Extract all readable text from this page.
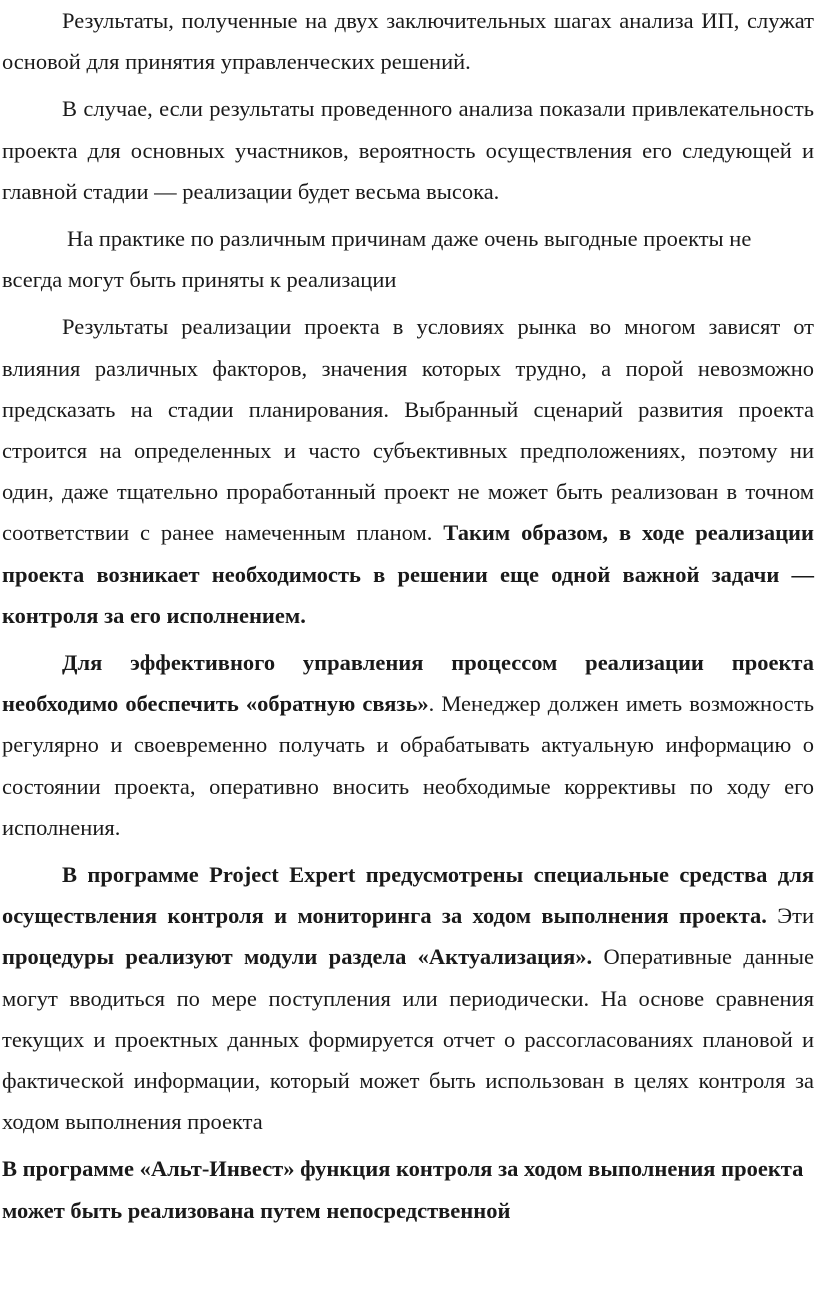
Результаты, полученные на двух заключительных шагах анализа ИП, служат основой для принятия управленческих решений.

В случае, если результаты проведенного анализа показали привлекательность проекта для основных участников, вероятность осуществления его следующей и главной стадии — реализации будет весьма высока.

На практике по различным причинам даже очень выгодные проекты не всегда могут быть приняты к реализации

Результаты реализации проекта в условиях рынка во многом зависят от влияния различных факторов, значения которых трудно, а порой невозможно предсказать на стадии планирования. Выбранный сценарий развития проекта строится на определенных и часто субъективных предположениях, поэтому ни один, даже тщательно проработанный проект не может быть реализован в точном соответствии с ранее намеченным планом. Таким образом, в ходе реализации проекта возникает необходимость в решении еще одной важной задачи — контроля за его исполнением.

Для эффективного управления процессом реализации проекта необходимо обеспечить «обратную связь». Менеджер должен иметь возможность регулярно и своевременно получать и обрабатывать актуальную информацию о состоянии проекта, оперативно вносить необходимые коррективы по ходу его исполнения.

В программе Project Expert предусмотрены специальные средства для осуществления контроля и мониторинга за ходом выполнения проекта. Эти процедуры реализуют модули раздела «Актуализация». Оперативные данные могут вводиться по мере поступления или периодически. На основе сравнения текущих и проектных данных формируется отчет о рассогласованиях плановой и фактической информации, который может быть использован в целях контроля за ходом выполнения проекта

В программе «Альт-Инвест» функция контроля за ходом выполнения проекта может быть реализована путем непосредственной
